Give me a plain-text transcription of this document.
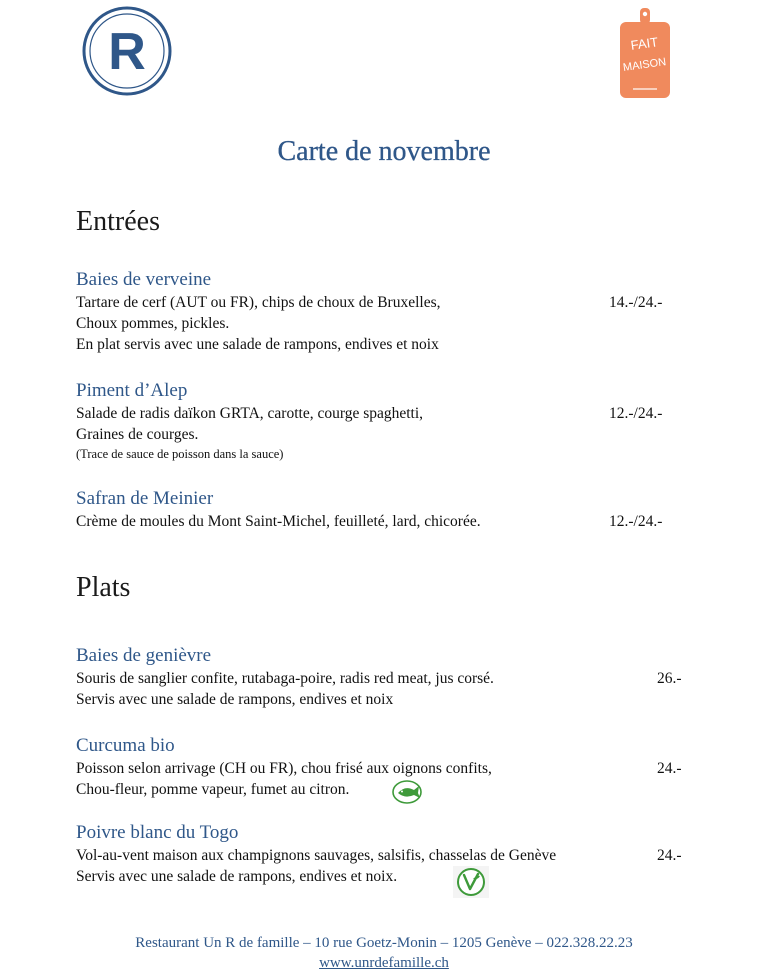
R	FAIT
MAISON
Carte de novembre
Entrées
Baies de verveine
Tartare de cerf (AUT ou FR), chips de choux de Bruxelles,
Choux pommes, pickles.
En plat servis avec une salade de rampons, endives et noix
14.-/24.-
Piment d’Alep
Salade de radis daïkon GRTA, carotte, courge spaghetti,
Graines de courges.
(Trace de sauce de poisson dans la sauce)
12.-/24.-
Safran de Meinier
Crème de moules du Mont Saint-Michel, feuilleté, lard, chicorée.	12.-/24.-
Plats
Baies de genièvre
Souris de sanglier confite, rutabaga-poire, radis red meat, jus corsé.
Servis avec une salade de rampons, endives et noix
26.-
Curcuma bio
Poisson selon arrivage (CH ou FR), chou frisé aux oignons confits,
Chou-fleur, pomme vapeur, fumet au citron.
24.-
Poivre blanc du Togo
Vol-au-vent maison aux champignons sauvages, salsifis, chasselas de Genève
Servis avec une salade de rampons, endives et noix.
24.-
Restaurant Un R de famille – 10 rue Goetz-Monin – 1205 Genève – 022.328.22.23
www.unrdefamille.ch
